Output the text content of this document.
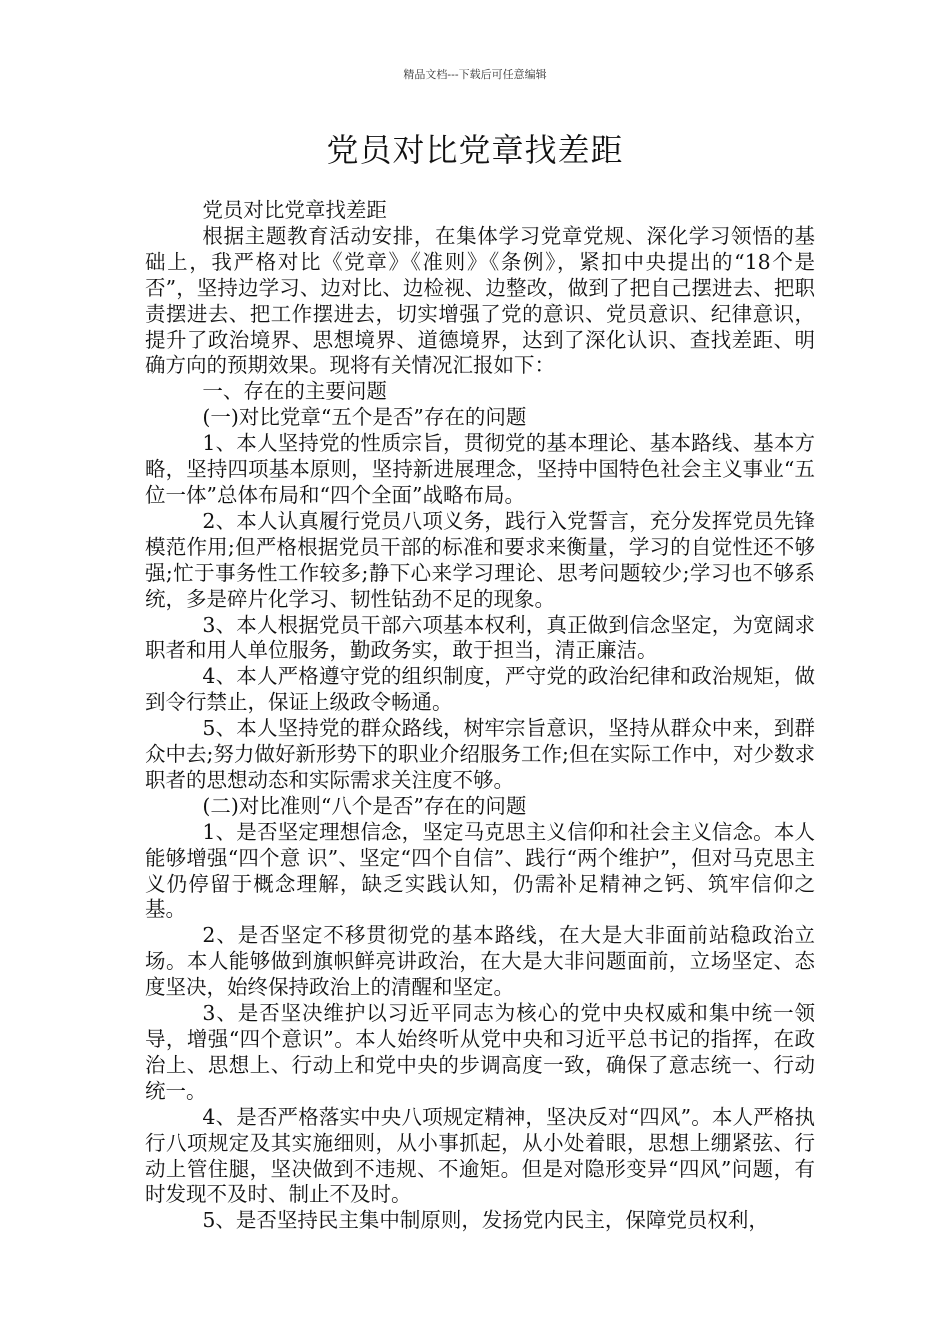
精品文档---下载后可任意编辑
党员对比党章找差距

党员对比党章找差距

根据主题教育活动安排，在集体学习党章党规、深化学习领悟的基础上，我严格对比《党章》《准则》《条例》，紧扣中央提出的“18个是否”，坚持边学习、边对比、边检视、边整改，做到了把自己摆进去、把职责摆进去、把工作摆进去，切实增强了党的意识、党员意识、纪律意识，提升了政治境界、思想境界、道德境界，达到了深化认识、查找差距、明确方向的预期效果。现将有关情况汇报如下：

一、存在的主要问题

(一)对比党章“五个是否”存在的问题

1、本人坚持党的性质宗旨，贯彻党的基本理论、基本路线、基本方略，坚持四项基本原则，坚持新进展理念，坚持中国特色社会主义事业“五位一体”总体布局和“四个全面”战略布局。

2、本人认真履行党员八项义务，践行入党誓言，充分发挥党员先锋模范作用;但严格根据党员干部的标准和要求来衡量，学习的自觉性还不够强;忙于事务性工作较多;静下心来学习理论、思考问题较少;学习也不够系统，多是碎片化学习、韧性钻劲不足的现象。

3、本人根据党员干部六项基本权利，真正做到信念坚定，为宽阔求职者和用人单位服务，勤政务实，敢于担当，清正廉洁。

4、本人严格遵守党的组织制度，严守党的政治纪律和政治规矩，做到令行禁止，保证上级政令畅通。

5、本人坚持党的群众路线，树牢宗旨意识，坚持从群众中来，到群众中去;努力做好新形势下的职业介绍服务工作;但在实际工作中，对少数求职者的思想动态和实际需求关注度不够。

(二)对比准则“八个是否”存在的问题

1、是否坚定理想信念，坚定马克思主义信仰和社会主义信念。本人能够增强“四个意 识”、坚定“四个自信”、践行“两个维护”，但对马克思主义仍停留于概念理解，缺乏实践认知，仍需补足精神之钙、筑牢信仰之基。

2、是否坚定不移贯彻党的基本路线，在大是大非面前站稳政治立场。本人能够做到旗帜鲜亮讲政治，在大是大非问题面前，立场坚定、态度坚决，始终保持政治上的清醒和坚定。

3、是否坚决维护以习近平同志为核心的党中央权威和集中统一领导，增强“四个意识”。本人始终听从党中央和习近平总书记的指挥，在政治上、思想上、行动上和党中央的步调高度一致，确保了意志统一、行动统一。

4、是否严格落实中央八项规定精神，坚决反对“四风”。本人严格执行八项规定及其实施细则，从小事抓起，从小处着眼，思想上绷紧弦、行动上管住腿，坚决做到不违规、不逾矩。但是对隐形变异“四风”问题，有时发现不及时、制止不及时。

5、是否坚持民主集中制原则，发扬党内民主，保障党员权利，
